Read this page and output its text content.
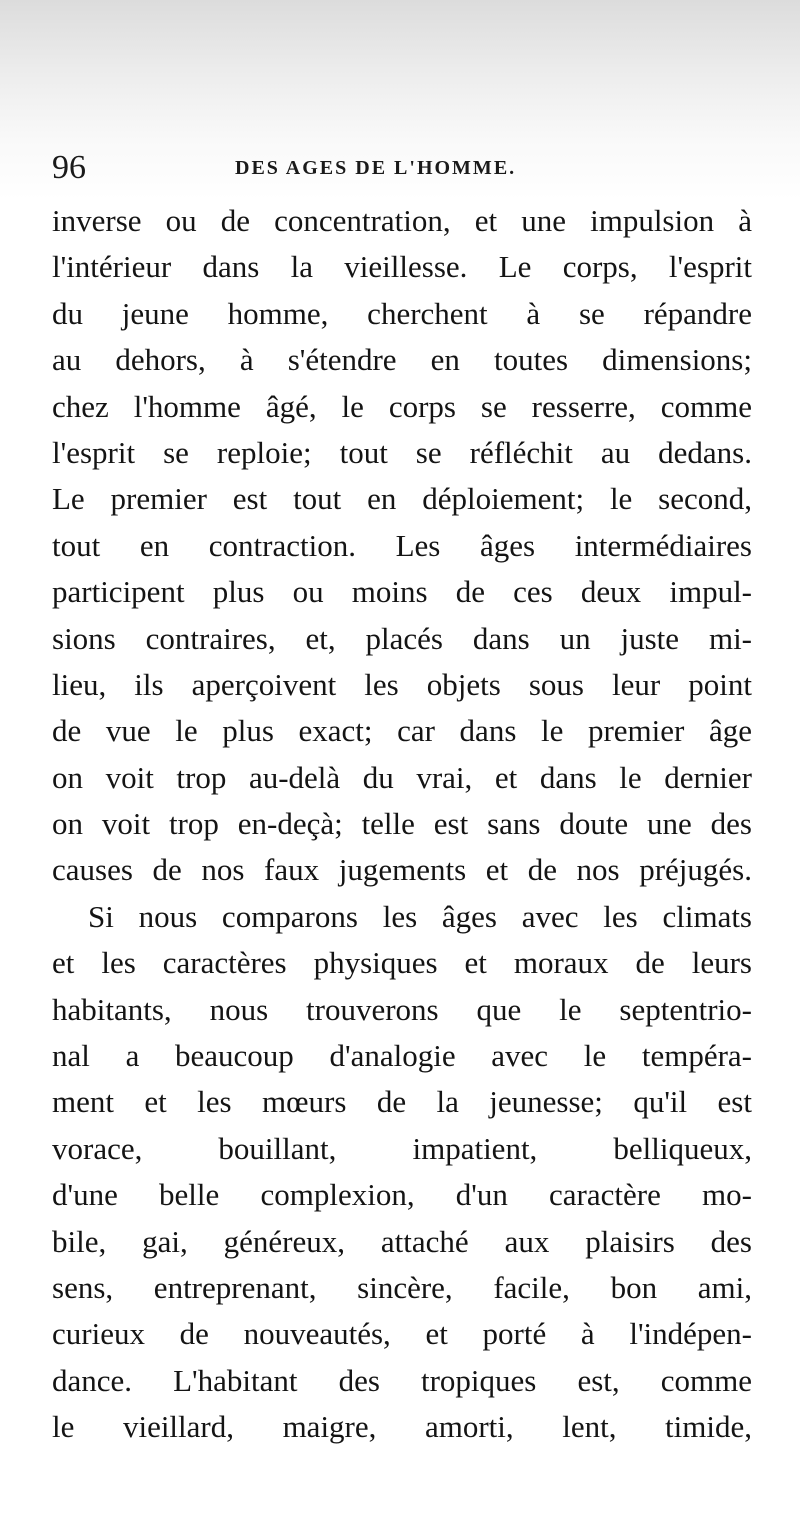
96	DES AGES DE L'HOMME.
inverse ou de concentration, et une impulsion à
l'intérieur dans la vieillesse. Le corps, l'esprit
du jeune homme, cherchent à se répandre
au dehors, à s'étendre en toutes dimensions;
chez l'homme âgé, le corps se resserre, comme
l'esprit se reploie; tout se réfléchit au dedans.
Le premier est tout en déploiement; le second,
tout en contraction. Les âges intermédiaires
participent plus ou moins de ces deux impul-
sions contraires, et, placés dans un juste mi-
lieu, ils aperçoivent les objets sous leur point
de vue le plus exact; car dans le premier âge
on voit trop au-delà du vrai, et dans le dernier
on voit trop en-deçà; telle est sans doute une des
causes de nos faux jugements et de nos préjugés.
Si nous comparons les âges avec les climats
et les caractères physiques et moraux de leurs
habitants, nous trouverons que le septentrio-
nal a beaucoup d'analogie avec le tempéra-
ment et les mœurs de la jeunesse; qu'il est
vorace, bouillant, impatient, belliqueux,
d'une belle complexion, d'un caractère mo-
bile, gai, généreux, attaché aux plaisirs des
sens, entreprenant, sincère, facile, bon ami,
curieux de nouveautés, et porté à l'indépen-
dance. L'habitant des tropiques est, comme
le vieillard, maigre, amorti, lent, timide,
